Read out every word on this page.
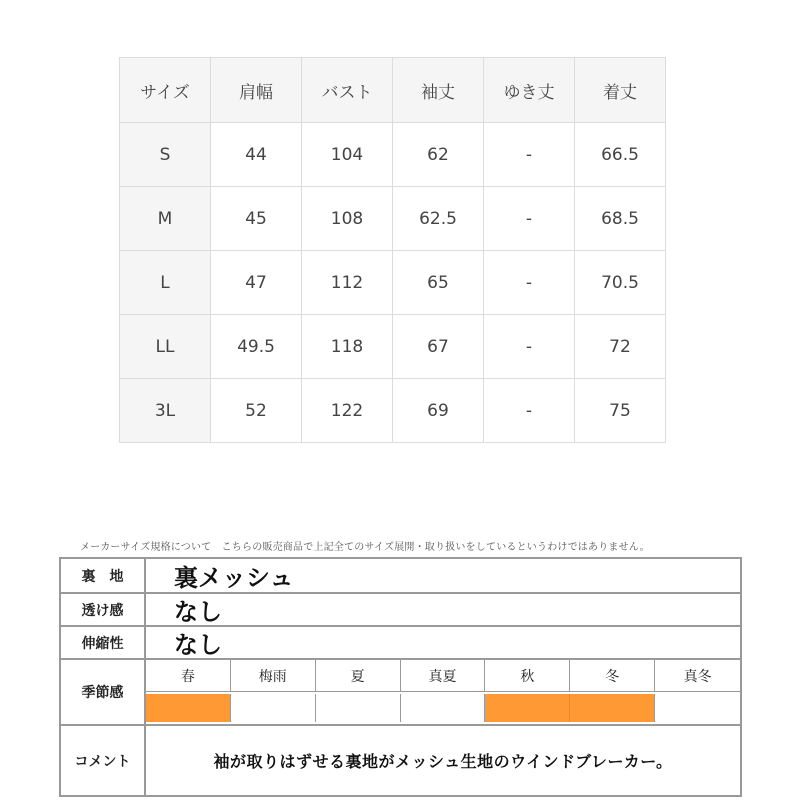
サイズ	肩幅	バスト	袖丈	ゆき丈	着丈
S	44	104	62	-	66.5
M	45	108	62.5	-	68.5
L	47	112	65	-	70.5
LL	49.5	118	67	-	72
3L	52	122	69	-	75
メーカーサイズ規格について　こちらの販売商品で上記全てのサイズ展開・取り扱いをしているというわけではありません。
裏　地	裏メッシュ
透け感	なし
伸縮性	なし
季節感
春	梅雨	夏	真夏	秋	冬	真冬
コメント	袖が取りはずせる裏地がメッシュ生地のウインドブレーカー。
